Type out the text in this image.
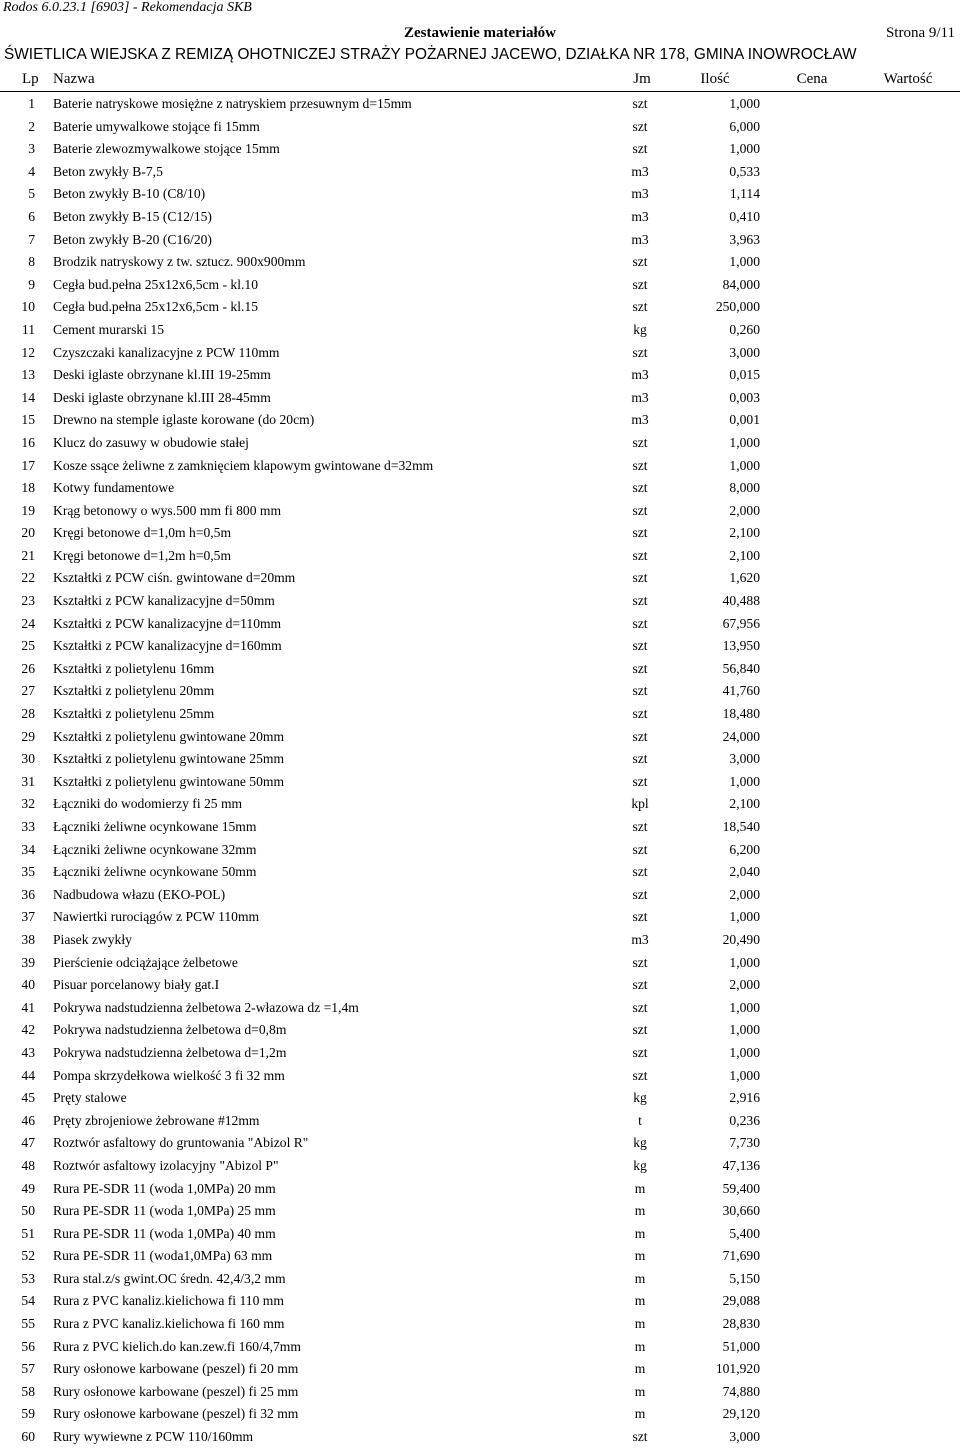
Rodos 6.0.23.1 [6903] - Rekomendacja SKB
Zestawienie materiałów	Strona 9/11
ŚWIETLICA WIEJSKA Z REMIZĄ OHOTNICZEJ STRAŻY POŻARNEJ JACEWO, DZIAŁKA NR 178, GMINA INOWROCŁAW
Lp Nazwa	Jm	Ilość	Cena	Wartość
1 Baterie natryskowe mosiężne z natryskiem przesuwnym d=15mm	szt	1,000
2 Baterie umywalkowe stojące fi 15mm	szt	6,000
3 Baterie zlewozmywalkowe stojące 15mm	szt	1,000
4 Beton zwykły B-7,5	m3	0,533
5 Beton zwykły B-10 (C8/10)	m3	1,114
6 Beton zwykły B-15 (C12/15)	m3	0,410
7 Beton zwykły B-20 (C16/20)	m3	3,963
8 Brodzik natryskowy z tw. sztucz. 900x900mm	szt	1,000
9 Cegła bud.pełna 25x12x6,5cm - kl.10	szt	84,000
10 Cegła bud.pełna 25x12x6,5cm - kl.15	szt	250,000
11 Cement murarski 15	kg	0,260
12 Czyszczaki kanalizacyjne z PCW 110mm	szt	3,000
13 Deski iglaste obrzynane kl.III 19-25mm	m3	0,015
14 Deski iglaste obrzynane kl.III 28-45mm	m3	0,003
15 Drewno na stemple iglaste korowane (do 20cm)	m3	0,001
16 Klucz do zasuwy w obudowie stałej	szt	1,000
17 Kosze ssące żeliwne z zamknięciem klapowym gwintowane d=32mm	szt	1,000
18 Kotwy fundamentowe	szt	8,000
19 Krąg betonowy o wys.500 mm fi 800 mm	szt	2,000
20 Kręgi betonowe d=1,0m h=0,5m	szt	2,100
21 Kręgi betonowe d=1,2m h=0,5m	szt	2,100
22 Kształtki z PCW ciśn. gwintowane d=20mm	szt	1,620
23 Kształtki z PCW kanalizacyjne d=50mm	szt	40,488
24 Kształtki z PCW kanalizacyjne d=110mm	szt	67,956
25 Kształtki z PCW kanalizacyjne d=160mm	szt	13,950
26 Kształtki z polietylenu 16mm	szt	56,840
27 Kształtki z polietylenu 20mm	szt	41,760
28 Kształtki z polietylenu 25mm	szt	18,480
29 Kształtki z polietylenu gwintowane 20mm	szt	24,000
30 Kształtki z polietylenu gwintowane 25mm	szt	3,000
31 Kształtki z polietylenu gwintowane 50mm	szt	1,000
32 Łączniki do wodomierzy fi 25 mm	kpl	2,100
33 Łączniki żeliwne ocynkowane 15mm	szt	18,540
34 Łączniki żeliwne ocynkowane 32mm	szt	6,200
35 Łączniki żeliwne ocynkowane 50mm	szt	2,040
36 Nadbudowa włazu (EKO-POL)	szt	2,000
37 Nawiertki rurociągów z PCW 110mm	szt	1,000
38 Piasek zwykły	m3	20,490
39 Pierścienie odciążające żelbetowe	szt	1,000
40 Pisuar porcelanowy biały gat.I	szt	2,000
41 Pokrywa nadstudzienna żelbetowa 2-włazowa dz =1,4m	szt	1,000
42 Pokrywa nadstudzienna żelbetowa d=0,8m	szt	1,000
43 Pokrywa nadstudzienna żelbetowa d=1,2m	szt	1,000
44 Pompa skrzydełkowa wielkość 3 fi 32 mm	szt	1,000
45 Pręty stalowe	kg	2,916
46 Pręty zbrojeniowe żebrowane #12mm	t	0,236
47 Roztwór asfaltowy do gruntowania "Abizol R"	kg	7,730
48 Roztwór asfaltowy izolacyjny "Abizol P"	kg	47,136
49 Rura PE-SDR 11 (woda 1,0MPa) 20 mm	m	59,400
50 Rura PE-SDR 11 (woda 1,0MPa) 25 mm	m	30,660
51 Rura PE-SDR 11 (woda 1,0MPa) 40 mm	m	5,400
52 Rura PE-SDR 11 (woda1,0MPa) 63 mm	m	71,690
53 Rura stal.z/s gwint.OC średn. 42,4/3,2 mm	m	5,150
54 Rura z PVC kanaliz.kielichowa fi 110 mm	m	29,088
55 Rura z PVC kanaliz.kielichowa fi 160 mm	m	28,830
56 Rura z PVC kielich.do kan.zew.fi 160/4,7mm	m	51,000
57 Rury osłonowe karbowane (peszel) fi 20 mm	m	101,920
58 Rury osłonowe karbowane (peszel) fi 25 mm	m	74,880
59 Rury osłonowe karbowane (peszel) fi 32 mm	m	29,120
60 Rury wywiewne z PCW 110/160mm	szt	3,000
